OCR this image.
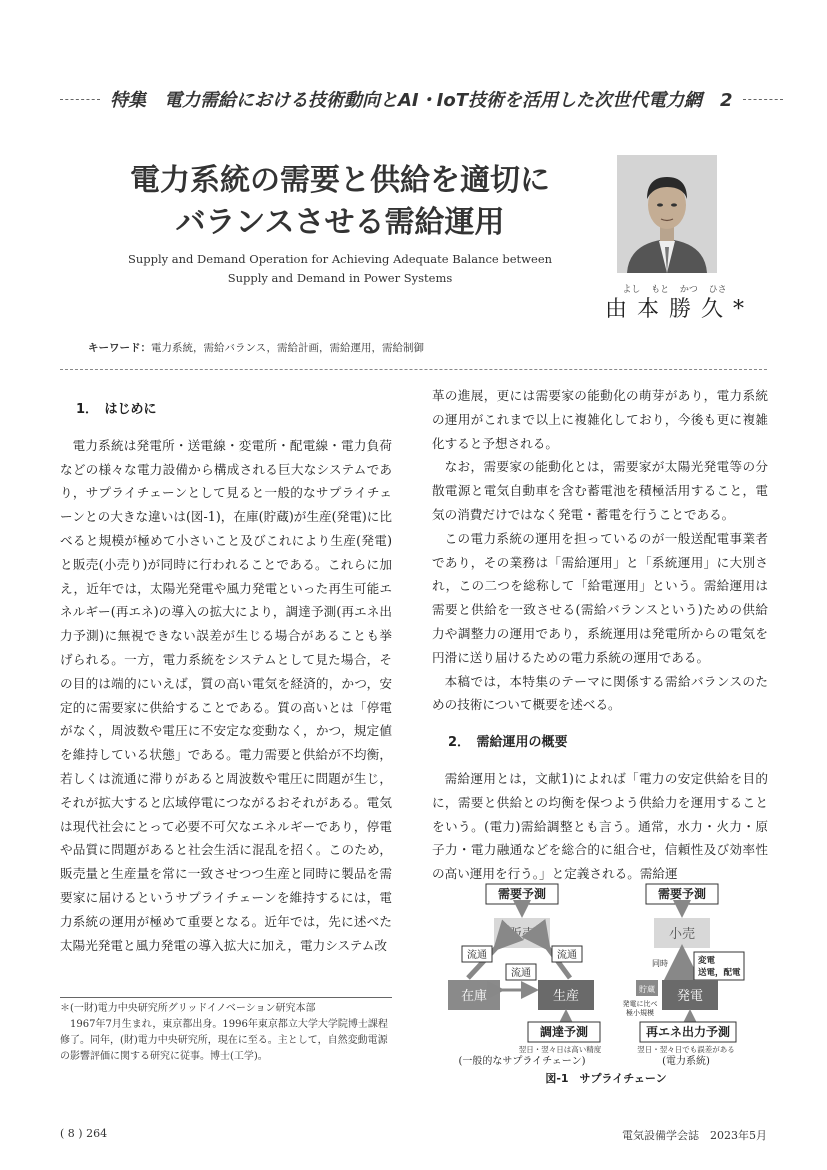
特集　電力需給における技術動向とAI・IoT技術を活用した次世代電力網　2
電力系統の需要と供給を適切に
バランスさせる需給運用
Supply and Demand Operation for Achieving Adequate Balance between Supply and Demand in Power Systems
よし もと かつ ひさ
由本勝久*
キーワード：電力系統，需給バランス，需給計画，需給運用，需給制御
1．　はじめに

電力系統は発電所・送電線・変電所・配電線・電力負荷などの様々な電力設備から構成される巨大なシステムであり，サプライチェーンとして見ると一般的なサプライチェーンとの大きな違いは(図-1)，在庫(貯蔵)が生産(発電)に比べると規模が極めて小さいこと及びこれにより生産(発電)と販売(小売り)が同時に行われることである。これらに加え，近年では，太陽光発電や風力発電といった再生可能エネルギー(再エネ)の導入の拡大により，調達予測(再エネ出力予測)に無視できない誤差が生じる場合があることも挙げられる。一方，電力系統をシステムとして見た場合，その目的は端的にいえば，質の高い電気を経済的，かつ，安定的に需要家に供給することである。質の高いとは「停電がなく，周波数や電圧に不安定な変動なく，かつ，規定値を維持している状態」である。電力需要と供給が不均衡，若しくは流通に滞りがあると周波数や電圧に問題が生じ，それが拡大すると広域停電につながるおそれがある。電気は現代社会にとって必要不可欠なエネルギーであり，停電や品質に問題があると社会生活に混乱を招く。このため，販売量と生産量を常に一致させつつ生産と同時に製品を需要家に届けるというサプライチェーンを維持するには，電力系統の運用が極めて重要となる。近年では，先に述べた太陽光発電と風力発電の導入拡大に加え，電力システム改

革の進展，更には需要家の能動化の萌芽があり，電力系統の運用がこれまで以上に複雑化しており，今後も更に複雑化すると予想される。

なお，需要家の能動化とは，需要家が太陽光発電等の分散電源と電気自動車を含む蓄電池を積極活用すること，電気の消費だけではなく発電・蓄電を行うことである。

この電力系統の運用を担っているのが一般送配電事業者であり，その業務は「需給運用」と「系統運用」に大別され，この二つを総称して「給電運用」という。需給運用は需要と供給を一致させる(需給バランスという)ための供給力や調整力の運用であり，系統運用は発電所からの電気を円滑に送り届けるための電力系統の運用である。

本稿では，本特集のテーマに関係する需給バランスのための技術について概要を述べる。

2．　需給運用の概要

需給運用とは，文献1)によれば「電力の安定供給を目的に，需要と供給との均衡を保つよう供給力を運用することをいう。(電力)需給調整とも言う。通常，水力・火力・原子力・電力融通などを総合的に組合せ，信頼性及び効率性の高い運用を行う。」と定義される。需給運

＊(一財)電力中央研究所グリッドイノベーション研究本部

1967年7月生まれ，東京都出身。1996年東京都立大学大学院博士課程修了。同年，(財)電力中央研究所，現在に至る。主として，自然変動電源の影響評価に関する研究に従事。博士(工学)。

需要予測
販売
流通	流通
流通
在庫	生産
調達予測
翌日・翌々日は高い精度
(一般的なサプライチェーン)
需要予測
小売
同時	変電
送電，配電
貯蔵
発電に比べ
極小規模
発電
再エネ出力予測
翌日・翌々日でも誤差がある
(電力系統)
図-1　サプライチェーン
( 8 ) 264	電気設備学会誌　2023年5月
